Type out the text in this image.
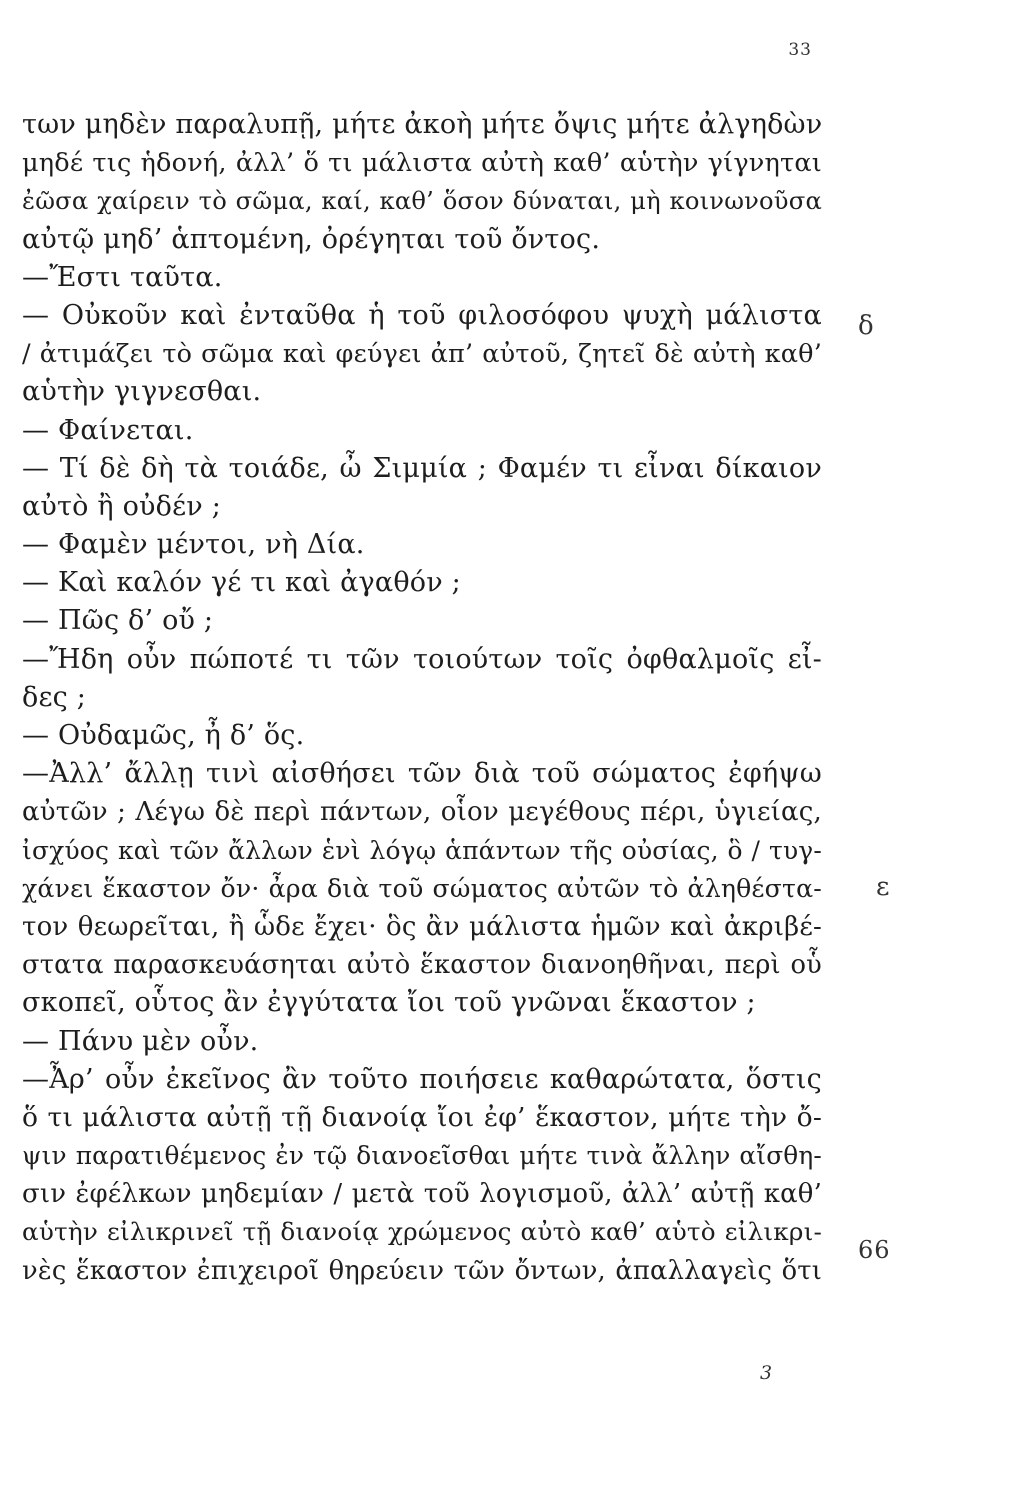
33
των μηδὲν παραλυπῇ, μήτε ἀκοὴ μήτε ὄψις μήτε ἀλγηδὼν
μηδέ τις ἡδονή, ἀλλ’ ὅ τι μάλιστα αὐτὴ καθ’ αὑτὴν γίγνηται
ἐῶσα χαίρειν τὸ σῶμα, καί, καθ’ ὅσον δύναται, μὴ κοινωνοῦσα
αὐτῷ μηδ’ ἁπτομένη, ὀρέγηται τοῦ ὄντος.
—Ἔστι ταῦτα.
— Οὐκοῦν καὶ ἐνταῦθα ἡ τοῦ φιλοσόφου ψυχὴ μάλιστα
/ ἀτιμάζει τὸ σῶμα καὶ φεύγει ἀπ’ αὐτοῦ, ζητεῖ δὲ αὐτὴ καθ’
αὑτὴν γιγνεσθαι.
— Φαίνεται.
— Τί δὲ δὴ τὰ τοιάδε, ὦ Σιμμία ; Φαμέν τι εἶναι δίκαιον
αὐτὸ ἢ οὐδέν ;
— Φαμὲν μέντοι, νὴ Δία.
— Καὶ καλόν γέ τι καὶ ἀγαθόν ;
— Πῶς δ’ οὔ ;
—Ἤδη οὖν πώποτέ τι τῶν τοιούτων τοῖς ὀφθαλμοῖς εἶ-
δες ;
— Οὐδαμῶς, ἦ δ’ ὅς.
—Ἀλλ’ ἄλλῃ τινὶ αἰσθήσει τῶν διὰ τοῦ σώματος ἐφήψω
αὐτῶν ; Λέγω δὲ περὶ πάντων, οἷον μεγέθους πέρι, ὑγιείας,
ἰσχύος καὶ τῶν ἄλλων ἑνὶ λόγῳ ἁπάντων τῆς οὐσίας, ὃ / τυγ-
χάνει ἕκαστον ὄν· ἆρα διὰ τοῦ σώματος αὐτῶν τὸ ἀληθέστα-
τον θεωρεῖται, ἢ ὧδε ἔχει· ὃς ἂν μάλιστα ἡμῶν καὶ ἀκριβέ-
στατα παρασκευάσηται αὐτὸ ἕκαστον διανοηθῆναι, περὶ οὗ
σκοπεῖ, οὗτος ἂν ἐγγύτατα ἴοι τοῦ γνῶναι ἕκαστον ;
— Πάνυ μὲν οὖν.
—Ἆρ’ οὖν ἐκεῖνος ἂν τοῦτο ποιήσειε καθαρώτατα, ὅστις
ὅ τι μάλιστα αὐτῇ τῇ διανοίᾳ ἴοι ἐφ’ ἕκαστον, μήτε τὴν ὄ-
ψιν παρατιθέμενος ἐν τῷ διανοεῖσθαι μήτε τινὰ ἄλλην αἴσθη-
σιν ἐφέλκων μηδεμίαν / μετὰ τοῦ λογισμοῦ, ἀλλ’ αὐτῇ καθ’
αὑτὴν εἰλικρινεῖ τῇ διανοίᾳ χρώμενος αὐτὸ καθ’ αὑτὸ εἰλικρι-
νὲς ἕκαστον ἐπιχειροῖ θηρεύειν τῶν ὄντων, ἀπαλλαγεὶς ὅτι
δ
ε
66
3
